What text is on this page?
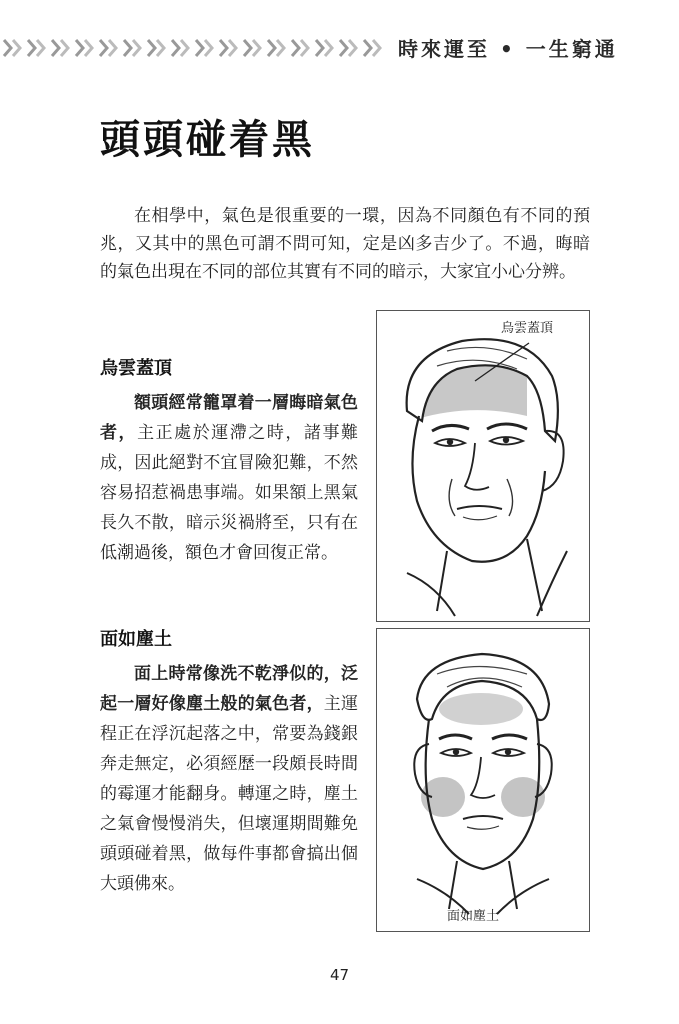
時來運至 • 一生窮通
頭頭碰着黑

在相學中，氣色是很重要的一環，因為不同顏色有不同的預兆，又其中的黑色可謂不問可知，定是凶多吉少了。不過，晦暗的氣色出現在不同的部位其實有不同的暗示，大家宜小心分辨。

烏雲蓋頂

額頭經常籠罩着一層晦暗氣色者，主正處於運滯之時，諸事難成，因此絕對不宜冒險犯難，不然容易招惹禍患事端。如果額上黑氣長久不散，暗示災禍將至，只有在低潮過後，額色才會回復正常。

烏雲蓋頂
面如塵土

面上時常像洗不乾淨似的，泛起一層好像塵土般的氣色者，主運程正在浮沉起落之中，常要為錢銀奔走無定，必須經歷一段頗長時間的霉運才能翻身。轉運之時，塵土之氣會慢慢消失，但壞運期間難免頭頭碰着黑，做每件事都會搞出個大頭佛來。

面如塵土
47
